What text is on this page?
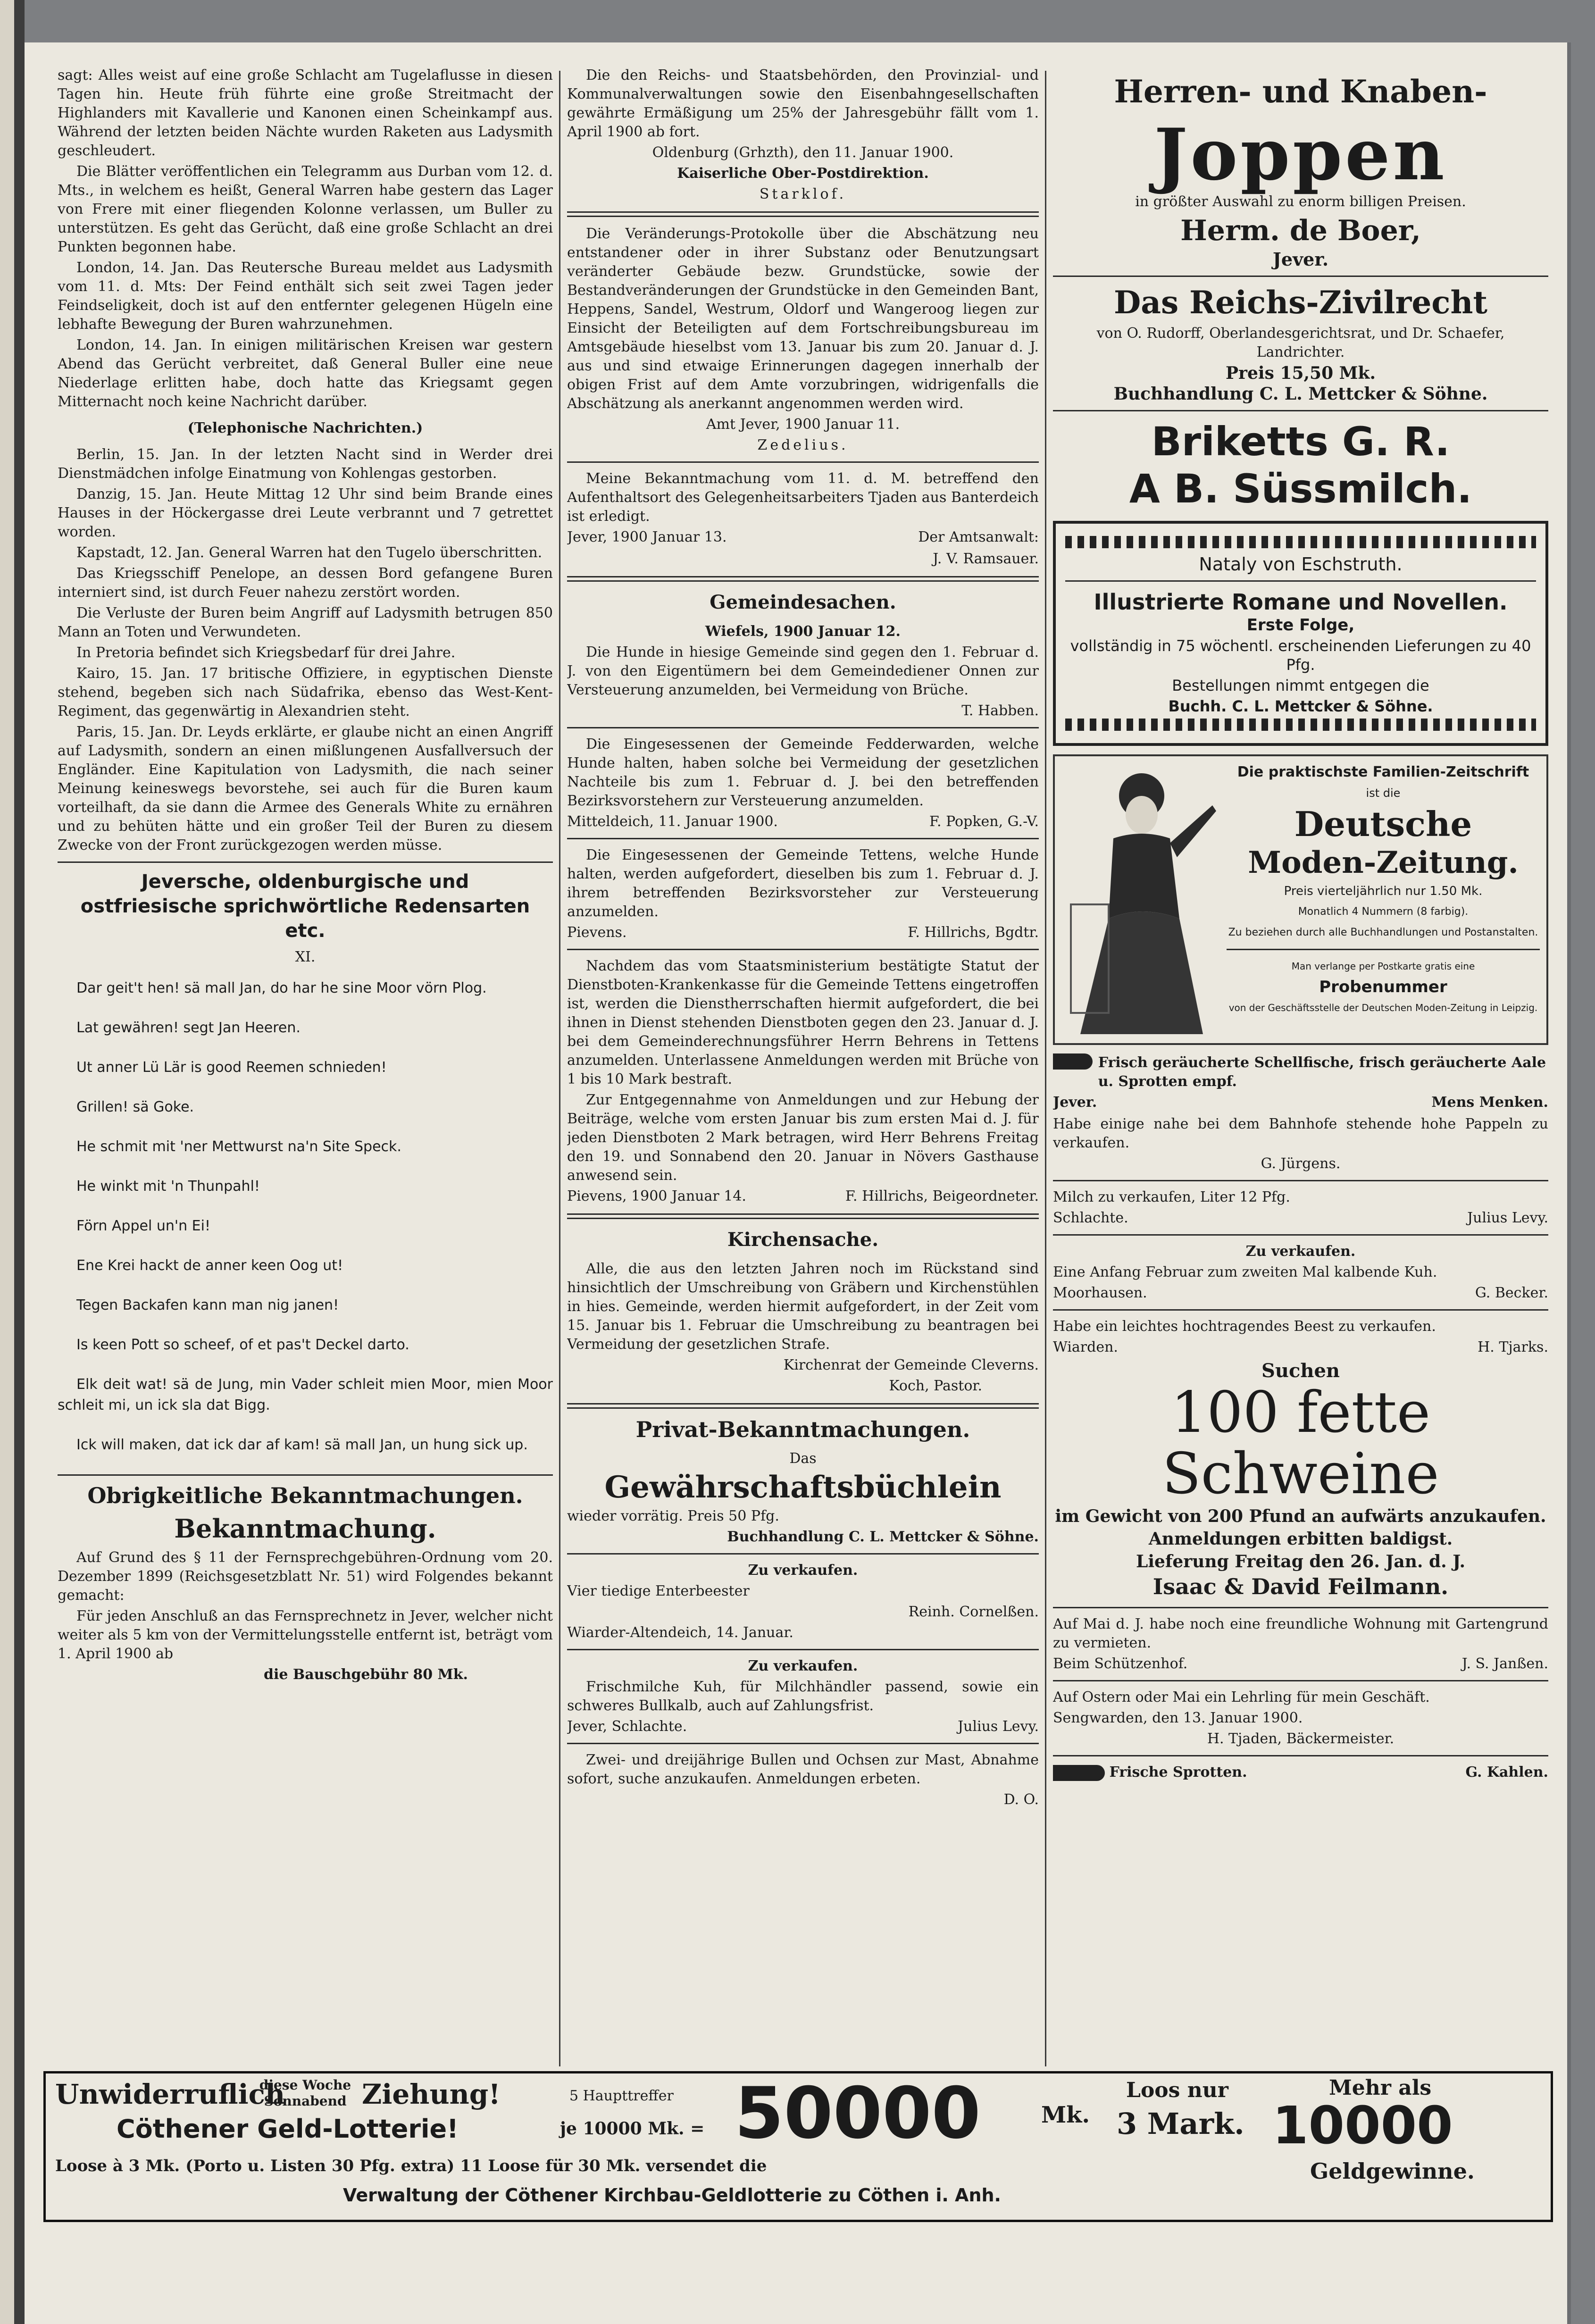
sagt: Alles weist auf eine große Schlacht am Tugelaflusse in diesen Tagen hin. Heute früh führte eine große Streitmacht der Highlanders mit Kavallerie und Kanonen einen Scheinkampf aus. Während der letzten beiden Nächte wurden Raketen aus Ladysmith geschleudert.

Die Blätter veröffentlichen ein Telegramm aus Durban vom 12. d. Mts., in welchem es heißt, General Warren habe gestern das Lager von Frere mit einer fliegenden Kolonne verlassen, um Buller zu unterstützen. Es geht das Gerücht, daß eine große Schlacht an drei Punkten begonnen habe.

London, 14. Jan. Das Reutersche Bureau meldet aus Ladysmith vom 11. d. Mts: Der Feind enthält sich seit zwei Tagen jeder Feindseligkeit, doch ist auf den entfernter gelegenen Hügeln eine lebhafte Bewegung der Buren wahrzunehmen.

London, 14. Jan. In einigen militärischen Kreisen war gestern Abend das Gerücht verbreitet, daß General Buller eine neue Niederlage erlitten habe, doch hatte das Kriegsamt gegen Mitternacht noch keine Nachricht darüber.

(Telephonische Nachrichten.)

Berlin, 15. Jan. In der letzten Nacht sind in Werder drei Dienstmädchen infolge Einatmung von Kohlengas gestorben.

Danzig, 15. Jan. Heute Mittag 12 Uhr sind beim Brande eines Hauses in der Höckergasse drei Leute verbrannt und 7 getrettet worden.

Kapstadt, 12. Jan. General Warren hat den Tugelo überschritten.

Das Kriegsschiff Penelope, an dessen Bord gefangene Buren interniert sind, ist durch Feuer nahezu zerstört worden.

Die Verluste der Buren beim Angriff auf Ladysmith betrugen 850 Mann an Toten und Verwundeten.

In Pretoria befindet sich Kriegsbedarf für drei Jahre.

Kairo, 15. Jan. 17 britische Offiziere, in egyptischen Dienste stehend, begeben sich nach Südafrika, ebenso das West-Kent-Regiment, das gegenwärtig in Alexandrien steht.

Paris, 15. Jan. Dr. Leyds erklärte, er glaube nicht an einen Angriff auf Ladysmith, sondern an einen mißlungenen Ausfallversuch der Engländer. Eine Kapitulation von Ladysmith, die nach seiner Meinung keineswegs bevorstehe, sei auch für die Buren kaum vorteilhaft, da sie dann die Armee des Generals White zu ernähren und zu behüten hätte und ein großer Teil der Buren zu diesem Zwecke von der Front zurückgezogen werden müsse.

Jeversche, oldenburgische und ostfriesische sprichwörtliche Redensarten etc.

XI.

Dar geit't hen! sä mall Jan, do har he sine Moor vörn Plog.

Lat gewähren! segt Jan Heeren.

Ut anner Lü Lär is good Reemen schnieden!

Grillen! sä Goke.

He schmit mit 'ner Mettwurst na'n Site Speck.

He winkt mit 'n Thunpahl!

Förn Appel un'n Ei!

Ene Krei hackt de anner keen Oog ut!

Tegen Backafen kann man nig janen!

Is keen Pott so scheef, of et pas't Deckel darto.

Elk deit wat! sä de Jung, min Vader schleit mien Moor, mien Moor schleit mi, un ick sla dat Bigg.

Ick will maken, dat ick dar af kam! sä mall Jan, un hung sick up.

Obrigkeitliche Bekanntmachungen.
Bekanntmachung.

Auf Grund des § 11 der Fernsprechgebühren-Ordnung vom 20. Dezember 1899 (Reichsgesetzblatt Nr. 51) wird Folgendes bekannt gemacht:

Für jeden Anschluß an das Fernsprechnetz in Jever, welcher nicht weiter als 5 km von der Vermittelungsstelle entfernt ist, beträgt vom 1. April 1900 ab

die Bauschgebühr 80 Mk.

Die den Reichs- und Staatsbehörden, den Provinzial- und Kommunalverwaltungen sowie den Eisenbahngesellschaften gewährte Ermäßigung um 25% der Jahresgebühr fällt vom 1. April 1900 ab fort.

Oldenburg (Grhzth), den 11. Januar 1900.

Kaiserliche Ober-Postdirektion.

Starklof.

Die Veränderungs-Protokolle über die Abschätzung neu entstandener oder in ihrer Substanz oder Benutzungsart veränderter Gebäude bezw. Grundstücke, sowie der Bestandveränderungen der Grundstücke in den Gemeinden Bant, Heppens, Sandel, Westrum, Oldorf und Wangeroog liegen zur Einsicht der Beteiligten auf dem Fortschreibungsbureau im Amtsgebäude hieselbst vom 13. Januar bis zum 20. Januar d. J. aus und sind etwaige Erinnerungen dagegen innerhalb der obigen Frist auf dem Amte vorzubringen, widrigenfalls die Abschätzung als anerkannt angenommen werden wird.

Amt Jever, 1900 Januar 11.

Zedelius.

Meine Bekanntmachung vom 11. d. M. betreffend den Aufenthaltsort des Gelegenheitsarbeiters Tjaden aus Banterdeich ist erledigt.

Jever, 1900 Januar 13.	Der Amtsanwalt:

J. V. Ramsauer.

Gemeindesachen.

Wiefels, 1900 Januar 12.

Die Hunde in hiesige Gemeinde sind gegen den 1. Februar d. J. von den Eigentümern bei dem Gemeindediener Onnen zur Versteuerung anzumelden, bei Vermeidung von Brüche.

T. Habben.

Die Eingesessenen der Gemeinde Fedderwarden, welche Hunde halten, haben solche bei Vermeidung der gesetzlichen Nachteile bis zum 1. Februar d. J. bei den betreffenden Bezirksvorstehern zur Versteuerung anzumelden.

Mitteldeich, 11. Januar 1900.	F. Popken, G.-V.

Die Eingesessenen der Gemeinde Tettens, welche Hunde halten, werden aufgefordert, dieselben bis zum 1. Februar d. J. ihrem betreffenden Bezirksvorsteher zur Versteuerung anzumelden.

Pievens.	F. Hillrichs, Bgdtr.

Nachdem das vom Staatsministerium bestätigte Statut der Dienstboten-Krankenkasse für die Gemeinde Tettens eingetroffen ist, werden die Dienstherrschaften hiermit aufgefordert, die bei ihnen in Dienst stehenden Dienstboten gegen den 23. Januar d. J. bei dem Gemeinderechnungsführer Herrn Behrens in Tettens anzumelden. Unterlassene Anmeldungen werden mit Brüche von 1 bis 10 Mark bestraft.

Zur Entgegennahme von Anmeldungen und zur Hebung der Beiträge, welche vom ersten Januar bis zum ersten Mai d. J. für jeden Dienstboten 2 Mark betragen, wird Herr Behrens Freitag den 19. und Sonnabend den 20. Januar in Növers Gasthause anwesend sein.

Pievens, 1900 Januar 14.	F. Hillrichs, Beigeordneter.
Kirchensache.

Alle, die aus den letzten Jahren noch im Rückstand sind hinsichtlich der Umschreibung von Gräbern und Kirchenstühlen in hies. Gemeinde, werden hiermit aufgefordert, in der Zeit vom 15. Januar bis 1. Februar die Umschreibung zu beantragen bei Vermeidung der gesetzlichen Strafe.

Kirchenrat der Gemeinde Cleverns.

Koch, Pastor.

Privat-Bekanntmachungen.

Das

Gewährschaftsbüchlein

wieder vorrätig. Preis 50 Pfg.

Buchhandlung C. L. Mettcker & Söhne.

Zu verkaufen.

Vier tiedige Enterbeester

Reinh. Cornelßen.

Wiarder-Altendeich, 14. Januar.

Zu verkaufen.

Frischmilche Kuh, für Milchhändler passend, sowie ein schweres Bullkalb, auch auf Zahlungsfrist.

Jever, Schlachte.	Julius Levy.

Zwei- und dreijährige Bullen und Ochsen zur Mast, Abnahme sofort, suche anzukaufen. Anmeldungen erbeten.

D. O.

Herren- und Knaben-
Joppen

in größter Auswahl zu enorm billigen Preisen.

Herm. de Boer,

Jever.

Das Reichs-Zivilrecht

von O. Rudorff, Oberlandesgerichtsrat, und Dr. Schaefer, Landrichter.

Preis 15,50 Mk.

Buchhandlung C. L. Mettcker & Söhne.

Briketts G. R.
A B. Süssmilch.

Nataly von Eschstruth.

Illustrierte Romane und Novellen.

Erste Folge,

vollständig in 75 wöchentl. erscheinenden Lieferungen zu 40 Pfg.

Bestellungen nimmt entgegen die

Buchh. C. L. Mettcker & Söhne.

Die praktischste Familien-Zeitschrift

ist die

Deutsche
Moden-Zeitung.

Preis vierteljährlich nur 1.50 Mk.

Monatlich 4 Nummern (8 farbig).

Zu beziehen durch alle Buchhandlungen und Postanstalten.

Man verlange per Postkarte gratis eine

Probenummer

von der Geschäftsstelle der Deutschen Moden-Zeitung in Leipzig.

Frisch geräucherte Schellfische, frisch geräucherte Aale u. Sprotten empf.

Jever.	Mens Menken.

Habe einige nahe bei dem Bahnhofe stehende hohe Pappeln zu verkaufen.

G. Jürgens.

Milch zu verkaufen, Liter 12 Pfg.

Schlachte.	Julius Levy.

Zu verkaufen.

Eine Anfang Februar zum zweiten Mal kalbende Kuh.

Moorhausen.	G. Becker.

Habe ein leichtes hochtragendes Beest zu verkaufen.

Wiarden.	H. Tjarks.

Suchen

100 fette Schweine

im Gewicht von 200 Pfund an aufwärts anzukaufen. Anmeldungen erbitten baldigst.

Lieferung Freitag den 26. Jan. d. J.

Isaac & David Feilmann.

Auf Mai d. J. habe noch eine freundliche Wohnung mit Gartengrund zu vermieten.

Beim Schützenhof.	J. S. Janßen.

Auf Ostern oder Mai ein Lehrling für mein Geschäft.

Sengwarden, den 13. Januar 1900.

H. Tjaden, Bäckermeister.

Frische Sprotten.	G. Kahlen.
Unwiderruflich
diese Woche Sonnabend Ziehung!
Cöthener Geld-Lotterie!
5 Haupttreffer
je 10000 Mk. = 50000	Mk.
Loos nur
3 Mark.
Mehr als
10000
Geldgewinne.
Loose à 3 Mk. (Porto u. Listen 30 Pfg. extra) 11 Loose für 30 Mk. versendet die
Verwaltung der Cöthener Kirchbau-Geldlotterie zu Cöthen i. Anh.
